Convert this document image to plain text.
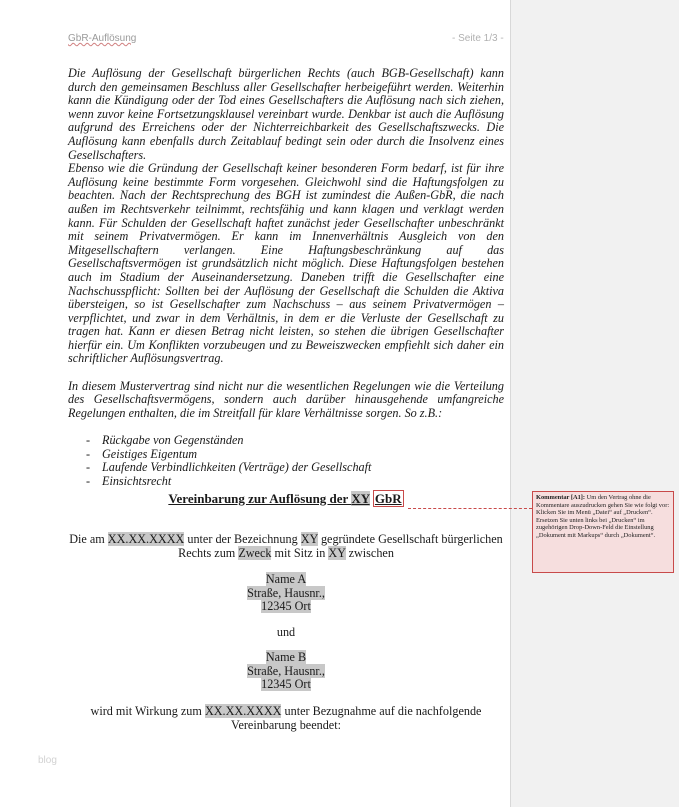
GbR-Auflösung	- Seite 1/3 -

Die Auflösung der Gesellschaft bürgerlichen Rechts (auch BGB-Gesellschaft) kann durch den gemeinsamen Beschluss aller Gesellschafter herbeigeführt werden. Weiterhin kann die Kündigung oder der Tod eines Gesellschafters die Auflösung nach sich ziehen, wenn zuvor keine Fortsetzungsklausel vereinbart wurde. Denkbar ist auch die Auflösung aufgrund des Erreichens oder der Nichterreichbarkeit des Gesellschaftszwecks. Die Auflösung kann ebenfalls durch Zeitablauf bedingt sein oder durch die Insolvenz eines Gesellschafters.

Ebenso wie die Gründung der Gesellschaft keiner besonderen Form bedarf, ist für ihre Auflösung keine bestimmte Form vorgesehen. Gleichwohl sind die Haftungsfolgen zu beachten. Nach der Rechtsprechung des BGH ist zumindest die Außen-GbR, die nach außen im Rechtsverkehr teilnimmt, rechtsfähig und kann klagen und verklagt werden kann. Für Schulden der Gesellschaft haftet zunächst jeder Gesellschafter unbeschränkt mit seinem Privatvermögen. Er kann im Innenverhältnis Ausgleich von den Mitgesellschaftern verlangen. Eine Haftungsbeschränkung auf das Gesellschaftsvermögen ist grundsätzlich nicht möglich. Diese Haftungsfolgen bestehen auch im Stadium der Auseinandersetzung. Daneben trifft die Gesellschafter eine Nachschusspflicht: Sollten bei der Auflösung der Gesellschaft die Schulden die Aktiva übersteigen, so ist Gesellschafter zum Nachschuss – aus seinem Privatvermögen – verpflichtet, und zwar in dem Verhältnis, in dem er die Verluste der Gesellschaft zu tragen hat. Kann er diesen Betrag nicht leisten, so stehen die übrigen Gesellschafter hierfür ein. Um Konflikten vorzubeugen und zu Beweiszwecken empfiehlt sich daher ein schriftlicher Auflösungsvertrag.

In diesem Mustervertrag sind nicht nur die wesentlichen Regelungen wie die Verteilung des Gesellschaftsvermögens, sondern auch darüber hinausgehende umfangreiche Regelungen enthalten, die im Streitfall für klare Verhältnisse sorgen. So z.B.:

- Rückgabe von Gegenständen
- Geistiges Eigentum
- Laufende Verbindlichkeiten (Verträge) der Gesellschaft
- Einsichtsrecht
Vereinbarung zur Auflösung der XY GbR
Die am XX.XX.XXXX unter der Bezeichnung XY gegründete Gesellschaft bürgerlichen
Rechts zum Zweck mit Sitz in XY zwischen
Name A
Straße, Hausnr.,
12345 Ort
und
Name B
Straße, Hausnr.,
12345 Ort
wird mit Wirkung zum XX.XX.XXXX unter Bezugnahme auf die nachfolgende
Vereinbarung beendet:
blog
Kommentar [A1]: Um den Vertrag ohne die Kommentare auszudrucken gehen Sie wie folgt vor:
Klicken Sie im Menü „Datei“ auf „Drucken“.
Ersetzen Sie unten links bei „Drucken“ im zugehörigen Drop-Down-Feld die Einstellung „Dokument mit Markups“ durch „Dokument“.
